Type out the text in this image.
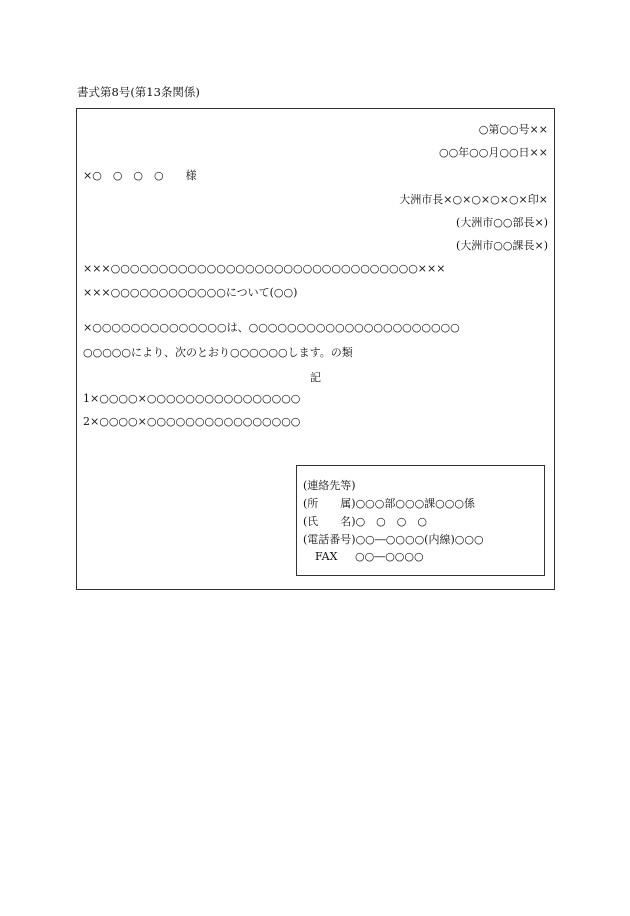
書式第8号(第13条関係)
○第○○号××
○○年○○月○○日××
×○　○　○　○　　様
大洲市長×○×○×○×○×印×
(大洲市○○部長×)
(大洲市○○課長×)
×××○○○○○○○○○○○○○○○○○○○○○○○○○○○○○○○○×××
×××○○○○○○○○○○○○について(○○)
×○○○○○○○○○○○○○○は、○○○○○○○○○○○○○○○○○○○○○○
○○○○○により、次のとおり○○○○○○します。の類
記
1×○○○○×○○○○○○○○○○○○○○○○
2×○○○○×○○○○○○○○○○○○○○○○
(連絡先等)
(所　　属)○○○部○○○課○○○係
(氏　　名)○　○　○　○
(電話番号)○○―○○○○(内線)○○○
FAX ○○―○○○○
